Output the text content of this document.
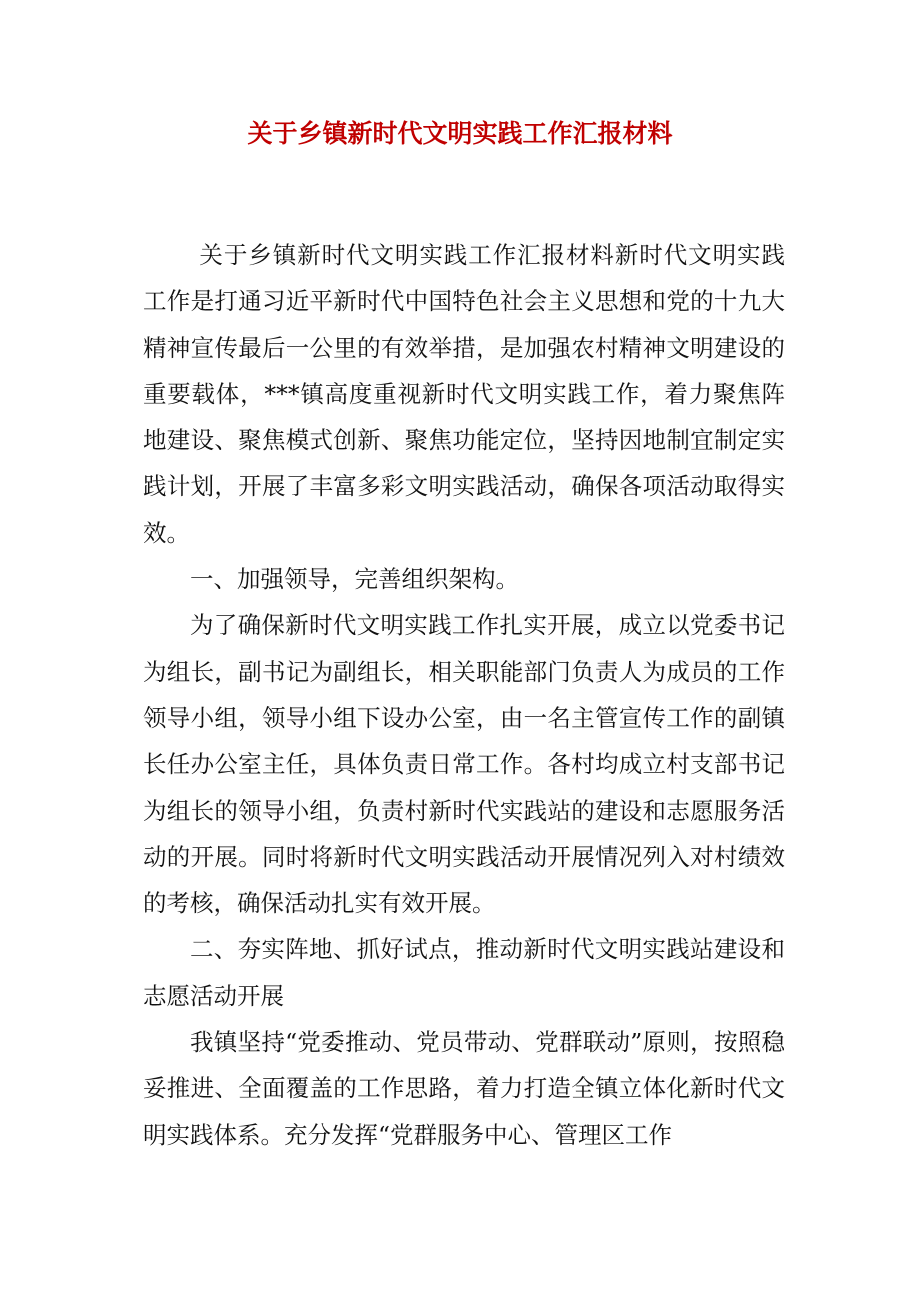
关于乡镇新时代文明实践工作汇报材料

关于乡镇新时代文明实践工作汇报材料新时代文明实践工作是打通习近平新时代中国特色社会主义思想和党的十九大精神宣传最后一公里的有效举措，是加强农村精神文明建设的重要载体，***镇高度重视新时代文明实践工作，着力聚焦阵地建设、聚焦模式创新、聚焦功能定位，坚持因地制宜制定实践计划，开展了丰富多彩文明实践活动，确保各项活动取得实效。

一、加强领导，完善组织架构。

为了确保新时代文明实践工作扎实开展，成立以党委书记为组长，副书记为副组长，相关职能部门负责人为成员的工作领导小组，领导小组下设办公室，由一名主管宣传工作的副镇长任办公室主任，具体负责日常工作。各村均成立村支部书记为组长的领导小组，负责村新时代实践站的建设和志愿服务活动的开展。同时将新时代文明实践活动开展情况列入对村绩效的考核，确保活动扎实有效开展。

二、夯实阵地、抓好试点，推动新时代文明实践站建设和志愿活动开展

我镇坚持“党委推动、党员带动、党群联动”原则，按照稳妥推进、全面覆盖的工作思路，着力打造全镇立体化新时代文明实践体系。充分发挥“党群服务中心、管理区工作
